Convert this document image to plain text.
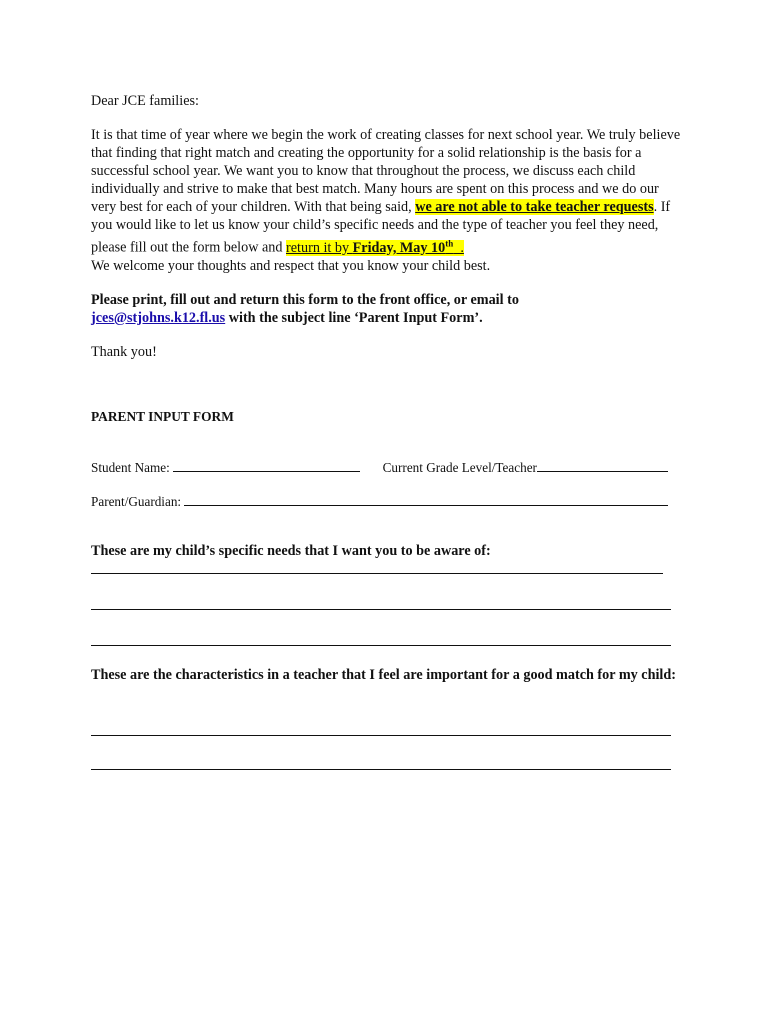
Dear JCE families:

It is that time of year where we begin the work of creating classes for next school year. We truly believe that finding that right match and creating the opportunity for a solid relationship is the basis for a successful school year. We want you to know that throughout the process, we discuss each child individually and strive to make that best match. Many hours are spent on this process and we do our very best for each of your children. With that being said, we are not able to take teacher requests. If you would like to let us know your child’s specific needs and the type of teacher you feel they need, please fill out the form below and return it by Friday, May 10th  .
We welcome your thoughts and respect that you know your child best.

Please print, fill out and return this form to the front office, or email to
jces@stjohns.k12.fl.us with the subject line ‘Parent Input Form’.

Thank you!

PARENT INPUT FORM

Student Name:	Current Grade Level/Teacher
Parent/Guardian:

These are my child’s specific needs that I want you to be aware of:

These are the characteristics in a teacher that I feel are important for a good match for my child:
